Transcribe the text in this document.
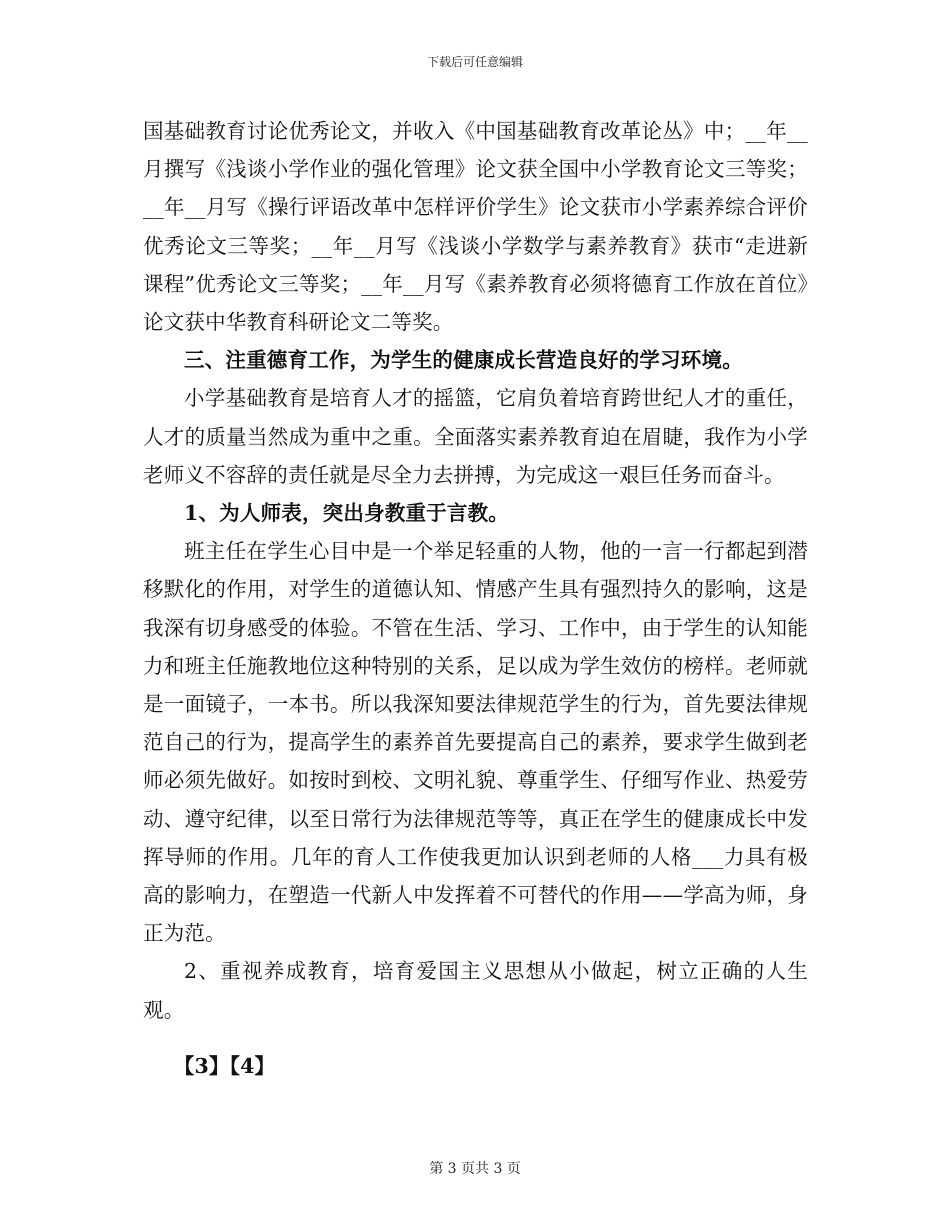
下载后可任意编辑

国基础教育讨论优秀论文，并收入《中国基础教育改革论丛》中；__年__月撰写《浅谈小学作业的强化管理》论文获全国中小学教育论文三等奖；__年__月写《操行评语改革中怎样评价学生》论文获市小学素养综合评价优秀论文三等奖；__年__月写《浅谈小学数学与素养教育》获市“走进新课程”优秀论文三等奖；__年__月写《素养教育必须将德育工作放在首位》论文获中华教育科研论文二等奖。

三、注重德育工作，为学生的健康成长营造良好的学习环境。

小学基础教育是培育人才的摇篮，它肩负着培育跨世纪人才的重任，人才的质量当然成为重中之重。全面落实素养教育迫在眉睫，我作为小学老师义不容辞的责任就是尽全力去拼搏，为完成这一艰巨任务而奋斗。

1、为人师表，突出身教重于言教。

班主任在学生心目中是一个举足轻重的人物，他的一言一行都起到潜移默化的作用，对学生的道德认知、情感产生具有强烈持久的影响，这是我深有切身感受的体验。不管在生活、学习、工作中，由于学生的认知能力和班主任施教地位这种特别的关系，足以成为学生效仿的榜样。老师就是一面镜子，一本书。所以我深知要法律规范学生的行为，首先要法律规范自己的行为，提高学生的素养首先要提高自己的素养，要求学生做到老师必须先做好。如按时到校、文明礼貌、尊重学生、仔细写作业、热爱劳动、遵守纪律，以至日常行为法律规范等等，真正在学生的健康成长中发挥导师的作用。几年的育人工作使我更加认识到老师的人格___力具有极高的影响力，在塑造一代新人中发挥着不可替代的作用——学高为师，身正为范。

2、重视养成教育，培育爱国主义思想从小做起，树立正确的人生观。

【3】【4】

第 3 页共 3 页
